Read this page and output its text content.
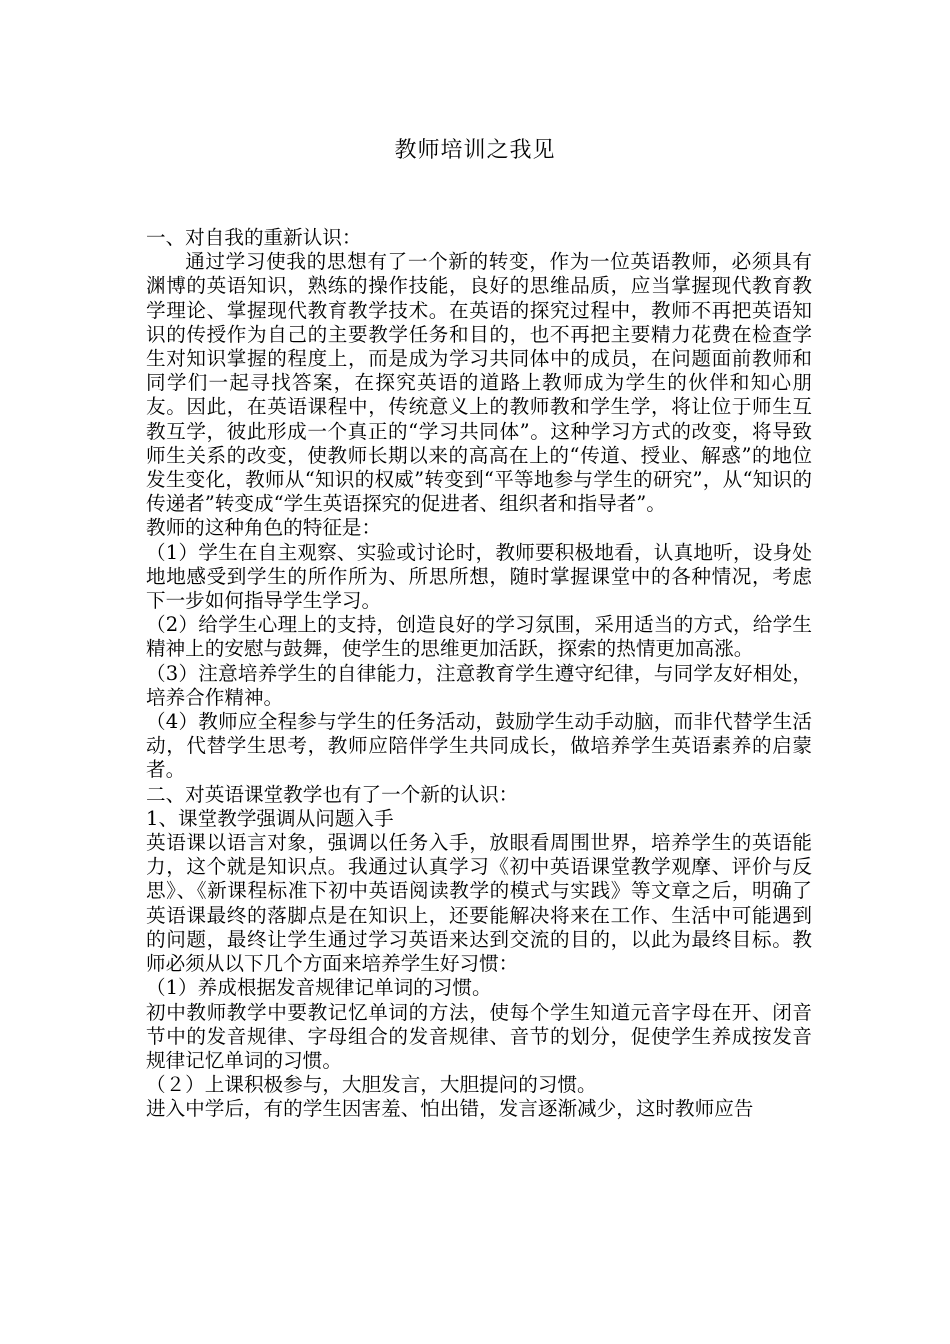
教师培训之我见

一、对自我的重新认识：

通过学习使我的思想有了一个新的转变，作为一位英语教师，必须具有渊博的英语知识，熟练的操作技能，良好的思维品质，应当掌握现代教育教学理论、掌握现代教育教学技术。在英语的探究过程中，教师不再把英语知识的传授作为自己的主要教学任务和目的，也不再把主要精力花费在检查学生对知识掌握的程度上，而是成为学习共同体中的成员，在问题面前教师和同学们一起寻找答案，在探究英语的道路上教师成为学生的伙伴和知心朋友。因此，在英语课程中，传统意义上的教师教和学生学，将让位于师生互教互学，彼此形成一个真正的“学习共同体”。这种学习方式的改变，将导致师生关系的改变，使教师长期以来的高高在上的“传道、授业、解惑”的地位发生变化，教师从“知识的权威”转变到“平等地参与学生的研究”，从“知识的传递者”转变成“学生英语探究的促进者、组织者和指导者”。

教师的这种角色的特征是：

（1）学生在自主观察、实验或讨论时，教师要积极地看，认真地听，设身处地地感受到学生的所作所为、所思所想，随时掌握课堂中的各种情况，考虑下一步如何指导学生学习。

（2）给学生心理上的支持，创造良好的学习氛围，采用适当的方式，给学生精神上的安慰与鼓舞，使学生的思维更加活跃，探索的热情更加高涨。

（3）注意培养学生的自律能力，注意教育学生遵守纪律，与同学友好相处，培养合作精神。

（4）教师应全程参与学生的任务活动，鼓励学生动手动脑，而非代替学生活动，代替学生思考，教师应陪伴学生共同成长，做培养学生英语素养的启蒙者。

二、对英语课堂教学也有了一个新的认识：

1、课堂教学强调从问题入手

英语课以语言对象，强调以任务入手，放眼看周围世界，培养学生的英语能力，这个就是知识点。我通过认真学习《初中英语课堂教学观摩、评价与反思》、《新课程标准下初中英语阅读教学的模式与实践》等文章之后，明确了英语课最终的落脚点是在知识上，还要能解决将来在工作、生活中可能遇到的问题，最终让学生通过学习英语来达到交流的目的，以此为最终目标。教师必须从以下几个方面来培养学生好习惯：

（1）养成根据发音规律记单词的习惯。

初中教师教学中要教记忆单词的方法，使每个学生知道元音字母在开、闭音节中的发音规律、字母组合的发音规律、音节的划分，促使学生养成按发音规律记忆单词的习惯。

（２）上课积极参与，大胆发言，大胆提问的习惯。

进入中学后，有的学生因害羞、怕出错，发言逐渐减少，这时教师应告
